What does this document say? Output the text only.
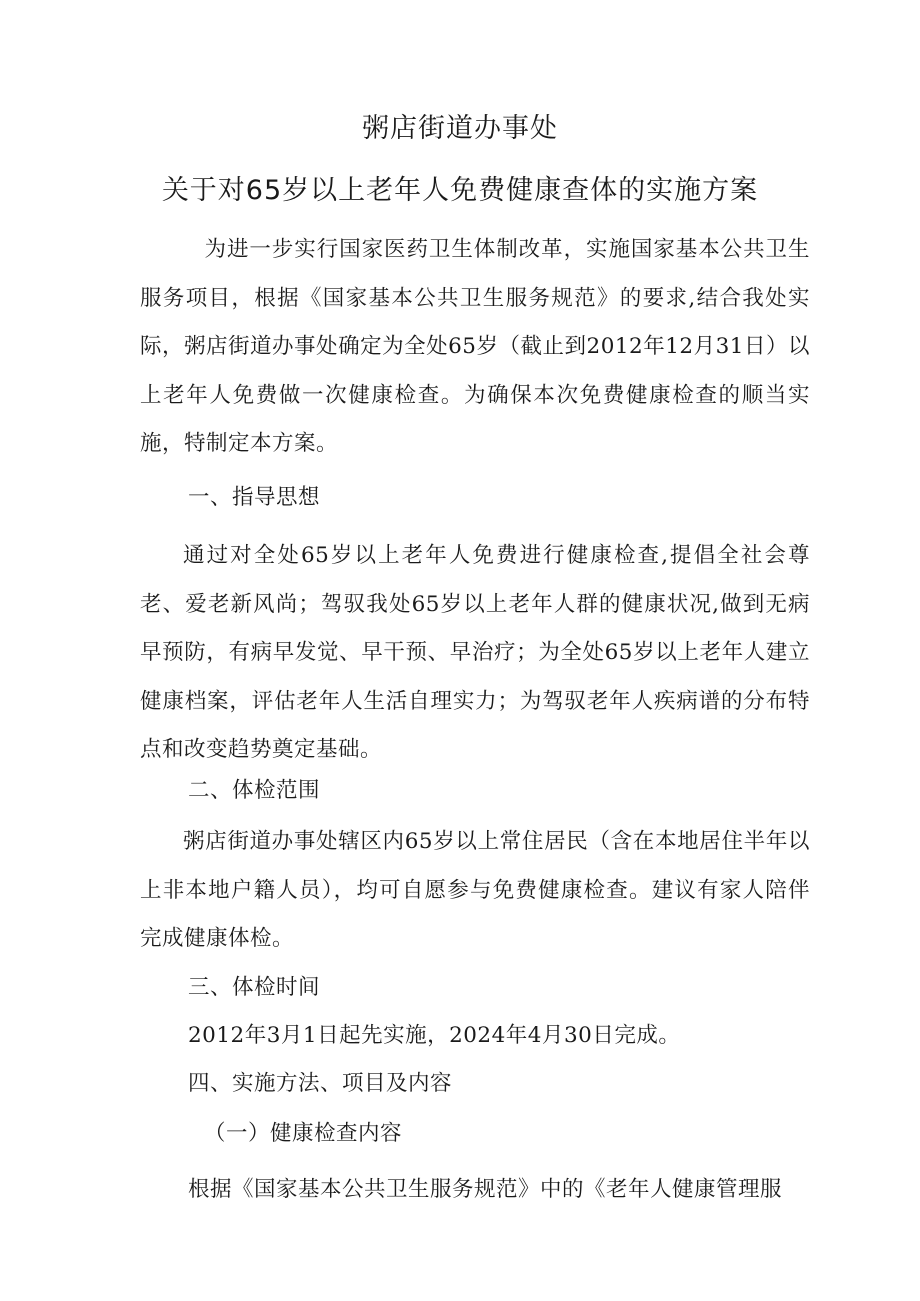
粥店街道办事处
关于对65岁以上老年人免费健康查体的实施方案

为进一步实行国家医药卫生体制改革，实施国家基本公共卫生服务项目，根据《国家基本公共卫生服务规范》的要求,结合我处实际，粥店街道办事处确定为全处65岁（截止到2012年12月31日）以上老年人免费做一次健康检查。为确保本次免费健康检查的顺当实施，特制定本方案。

一、指导思想

通过对全处65岁以上老年人免费进行健康检查,提倡全社会尊老、爱老新风尚；驾驭我处65岁以上老年人群的健康状况,做到无病早预防，有病早发觉、早干预、早治疗；为全处65岁以上老年人建立健康档案，评估老年人生活自理实力；为驾驭老年人疾病谱的分布特点和改变趋势奠定基础。

二、体检范围

粥店街道办事处辖区内65岁以上常住居民（含在本地居住半年以上非本地户籍人员），均可自愿参与免费健康检查。建议有家人陪伴完成健康体检。

三、体检时间
2012年3月1日起先实施，2024年4月30日完成。
四、实施方法、项目及内容
（一）健康检查内容
根据《国家基本公共卫生服务规范》中的《老年人健康管理服
